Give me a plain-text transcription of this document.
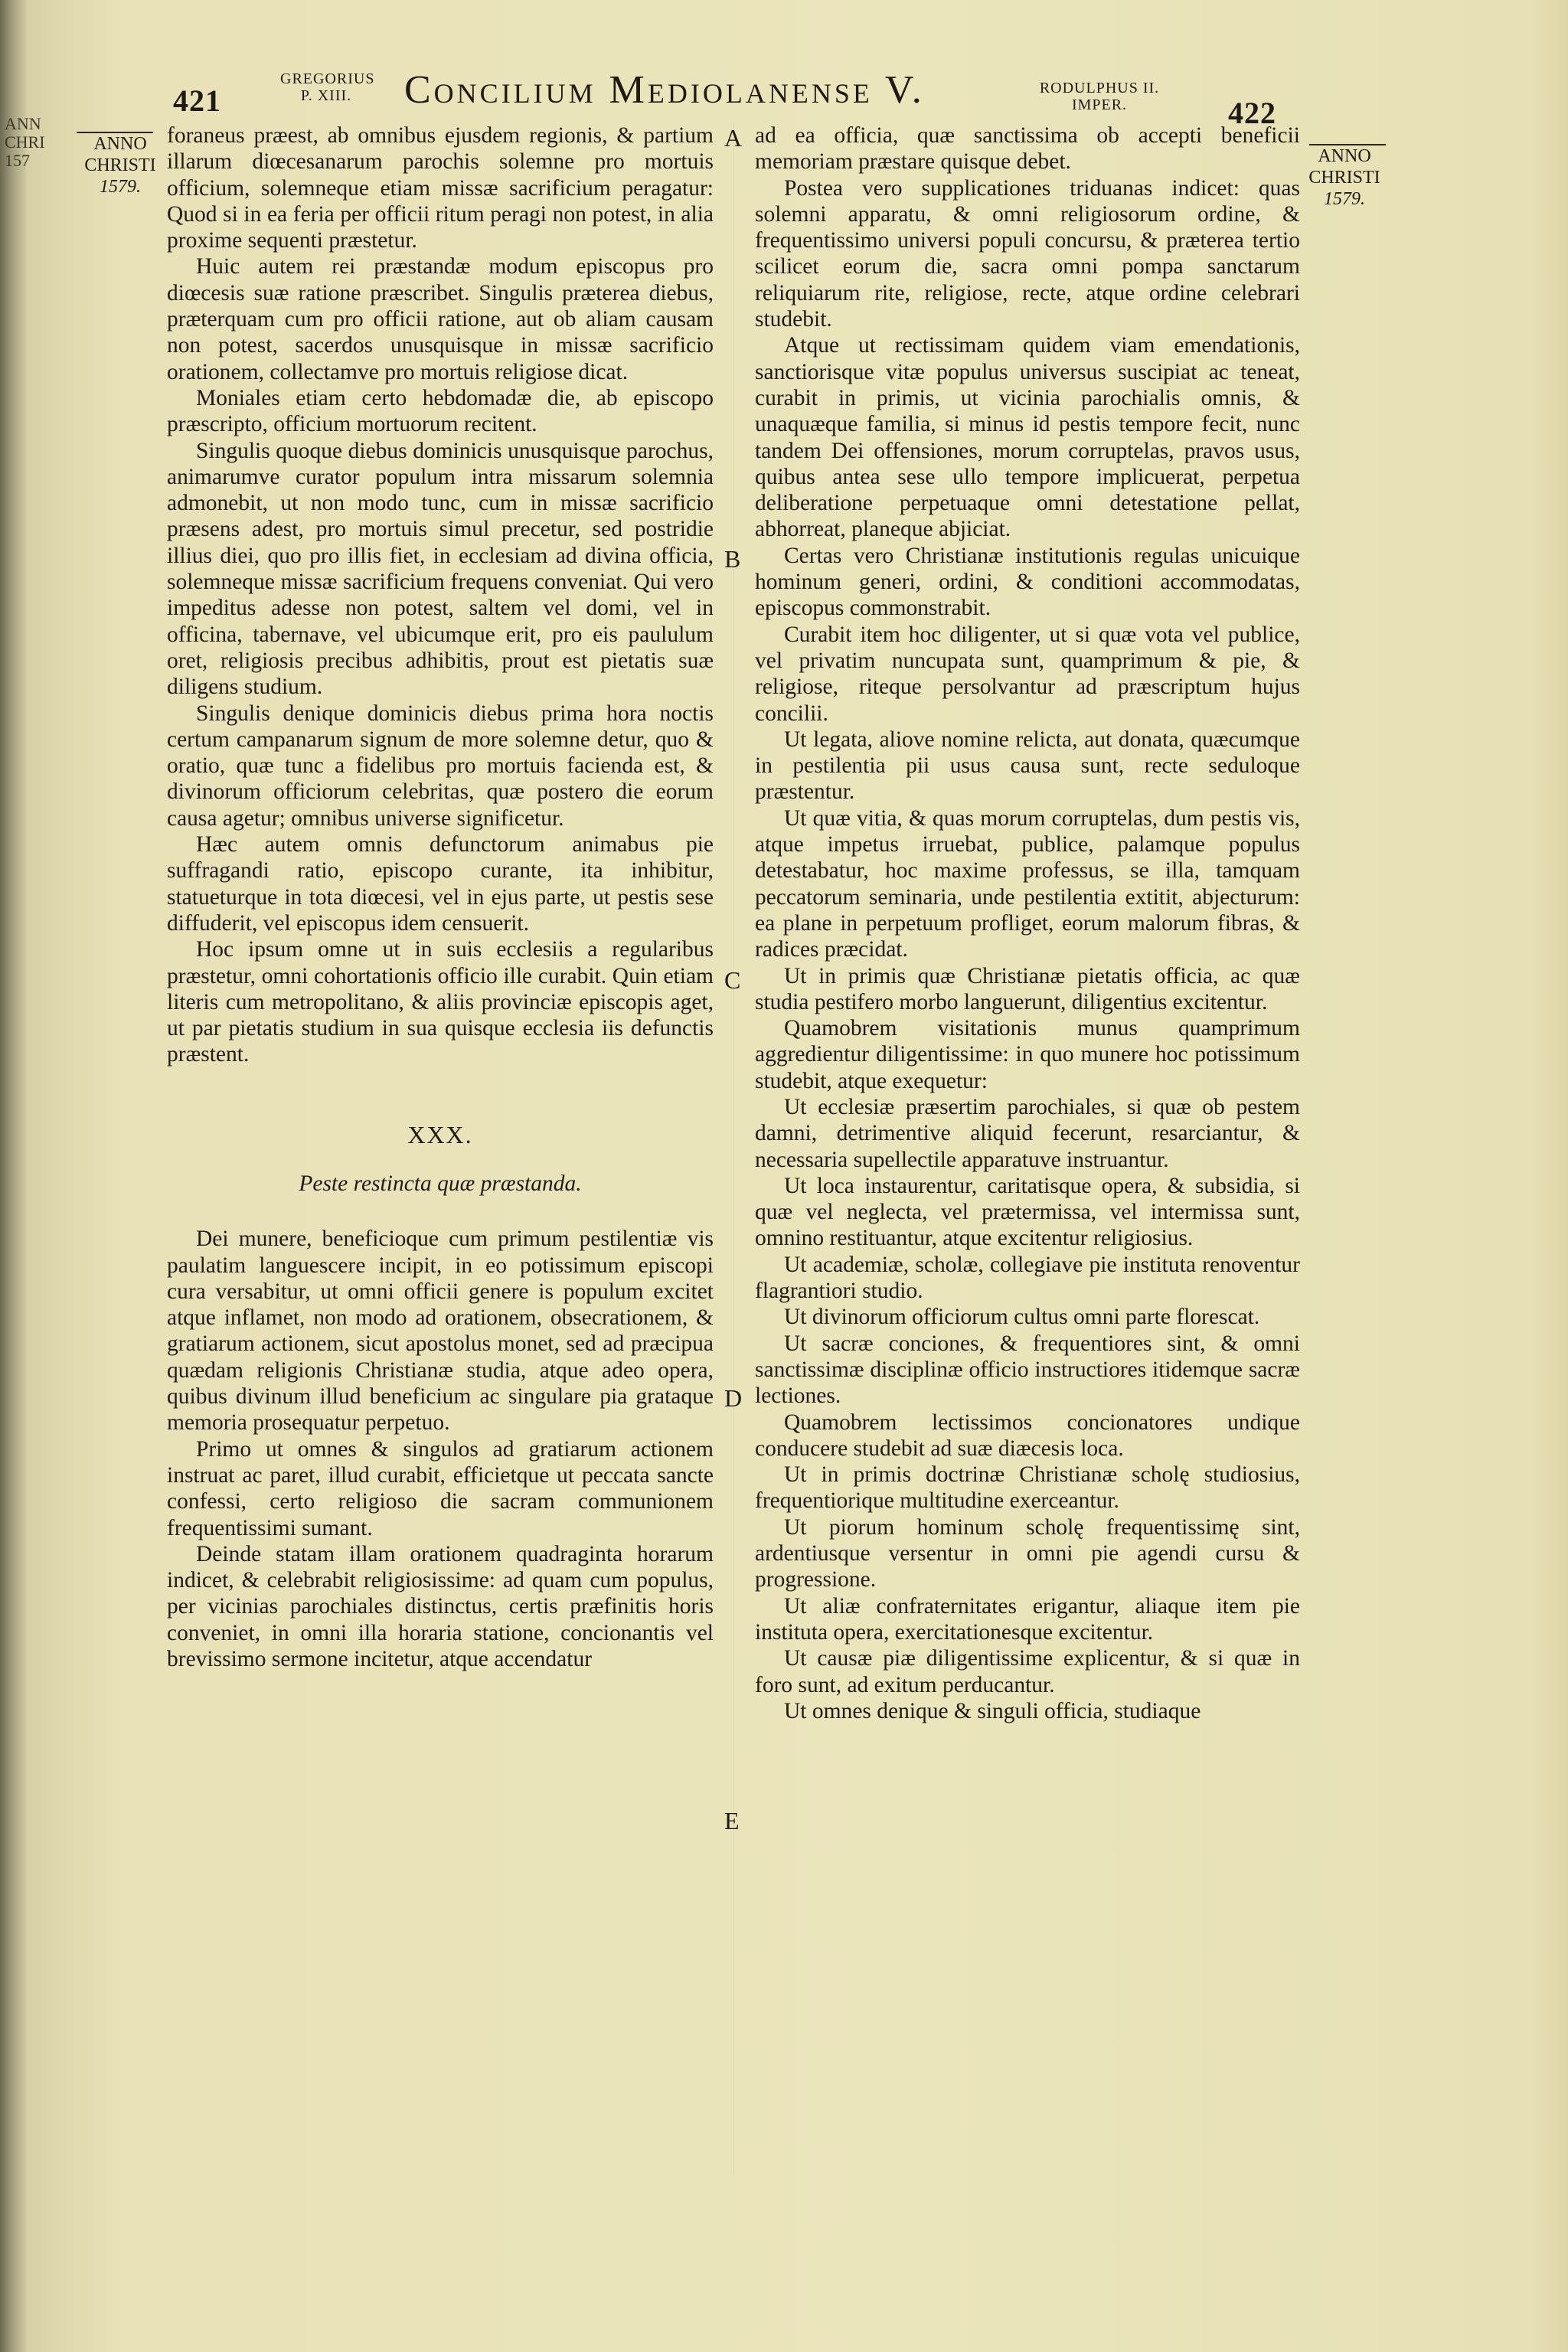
ANN
CHRI
157
421
GREGORIUS
P. XIII.	Concilium Mediolanense V.	RODULPHUS II.
IMPER.	422
ANNO
CHRISTI
1579.
ANNO
CHRISTI
1579.
A
B
C
D
E

foraneus præest, ab omnibus ejusdem regionis, & partium illarum diœcesanarum parochis solemne pro mortuis officium, solemneque etiam missæ sacrificium peragatur: Quod si in ea feria per officii ritum peragi non potest, in alia proxime sequenti præstetur.

Huic autem rei præstandæ modum episcopus pro diœcesis suæ ratione præscribet. Singulis præterea diebus, præterquam cum pro officii ratione, aut ob aliam causam non potest, sacerdos unusquisque in missæ sacrificio orationem, collectamve pro mortuis religiose dicat.

Moniales etiam certo hebdomadæ die, ab episcopo præscripto, officium mortuorum recitent.

Singulis quoque diebus dominicis unusquisque parochus, animarumve curator populum intra missarum solemnia admonebit, ut non modo tunc, cum in missæ sacrificio præsens adest, pro mortuis simul precetur, sed postridie illius diei, quo pro illis fiet, in ecclesiam ad divina officia, solemneque missæ sacrificium frequens conveniat. Qui vero impeditus adesse non potest, saltem vel domi, vel in officina, tabernave, vel ubicumque erit, pro eis paululum oret, religiosis precibus adhibitis, prout est pietatis suæ diligens studium.

Singulis denique dominicis diebus prima hora noctis certum campanarum signum de more solemne detur, quo & oratio, quæ tunc a fidelibus pro mortuis facienda est, & divinorum officiorum celebritas, quæ postero die eorum causa agetur; omnibus universe significetur.

Hæc autem omnis defunctorum animabus pie suffragandi ratio, episcopo curante, ita inhibitur, statueturque in tota diœcesi, vel in ejus parte, ut pestis sese diffuderit, vel episcopus idem censuerit.

Hoc ipsum omne ut in suis ecclesiis a regularibus præstetur, omni cohortationis officio ille curabit. Quin etiam literis cum metropolitano, & aliis provinciæ episcopis aget, ut par pietatis studium in sua quisque ecclesia iis defunctis præstent.

XXX.

Peste restincta quæ præstanda.

Dei munere, beneficioque cum primum pestilentiæ vis paulatim languescere incipit, in eo potissimum episcopi cura versabitur, ut omni officii genere is populum excitet atque inflamet, non modo ad orationem, obsecrationem, & gratiarum actionem, sicut apostolus monet, sed ad præcipua quædam religionis Christianæ studia, atque adeo opera, quibus divinum illud beneficium ac singulare pia grataque memoria prosequatur perpetuo.

Primo ut omnes & singulos ad gratiarum actionem instruat ac paret, illud curabit, efficietque ut peccata sancte confessi, certo religioso die sacram communionem frequentissimi sumant.

Deinde statam illam orationem quadraginta horarum indicet, & celebrabit religiosissime: ad quam cum populus, per vicinias parochiales distinctus, certis præfinitis horis conveniet, in omni illa horaria statione, concionantis vel brevissimo sermone incitetur, atque accendatur

ad ea officia, quæ sanctissima ob accepti beneficii memoriam præstare quisque debet.

Postea vero supplicationes triduanas indicet: quas solemni apparatu, & omni religiosorum ordine, & frequentissimo universi populi concursu, & præterea tertio scilicet eorum die, sacra omni pompa sanctarum reliquiarum rite, religiose, recte, atque ordine celebrari studebit.

Atque ut rectissimam quidem viam emendationis, sanctiorisque vitæ populus universus suscipiat ac teneat, curabit in primis, ut vicinia parochialis omnis, & unaquæque familia, si minus id pestis tempore fecit, nunc tandem Dei offensiones, morum corruptelas, pravos usus, quibus antea sese ullo tempore implicuerat, perpetua deliberatione perpetuaque omni detestatione pellat, abhorreat, planeque abjiciat.

Certas vero Christianæ institutionis regulas unicuique hominum generi, ordini, & conditioni accommodatas, episcopus commonstrabit.

Curabit item hoc diligenter, ut si quæ vota vel publice, vel privatim nuncupata sunt, quamprimum & pie, & religiose, riteque persolvantur ad præscriptum hujus concilii.

Ut legata, aliove nomine relicta, aut donata, quæcumque in pestilentia pii usus causa sunt, recte seduloque præstentur.

Ut quæ vitia, & quas morum corruptelas, dum pestis vis, atque impetus irruebat, publice, palamque populus detestabatur, hoc maxime professus, se illa, tamquam peccatorum seminaria, unde pestilentia extitit, abjecturum: ea plane in perpetuum profliget, eorum malorum fibras, & radices præcidat.

Ut in primis quæ Christianæ pietatis officia, ac quæ studia pestifero morbo languerunt, diligentius excitentur.

Quamobrem visitationis munus quamprimum aggredientur diligentissime: in quo munere hoc potissimum studebit, atque exequetur:

Ut ecclesiæ præsertim parochiales, si quæ ob pestem damni, detrimentive aliquid fecerunt, resarciantur, & necessaria supellectile apparatuve instruantur.

Ut loca instaurentur, caritatisque opera, & subsidia, si quæ vel neglecta, vel prætermissa, vel intermissa sunt, omnino restituantur, atque excitentur religiosius.

Ut academiæ, scholæ, collegiave pie instituta renoventur flagrantiori studio.

Ut divinorum officiorum cultus omni parte florescat.

Ut sacræ conciones, & frequentiores sint, & omni sanctissimæ disciplinæ officio instructiores itidemque sacræ lectiones.

Quamobrem lectissimos concionatores undique conducere studebit ad suæ diæcesis loca.

Ut in primis doctrinæ Christianæ scholę studiosius, frequentiorique multitudine exerceantur.

Ut piorum hominum scholę frequentissimę sint, ardentiusque versentur in omni pie agendi cursu & progressione.

Ut aliæ confraternitates erigantur, aliaque item pie instituta opera, exercitationesque excitentur.

Ut causæ piæ diligentissime explicentur, & si quæ in foro sunt, ad exitum perducantur.

Ut omnes denique & singuli officia, studiaque
